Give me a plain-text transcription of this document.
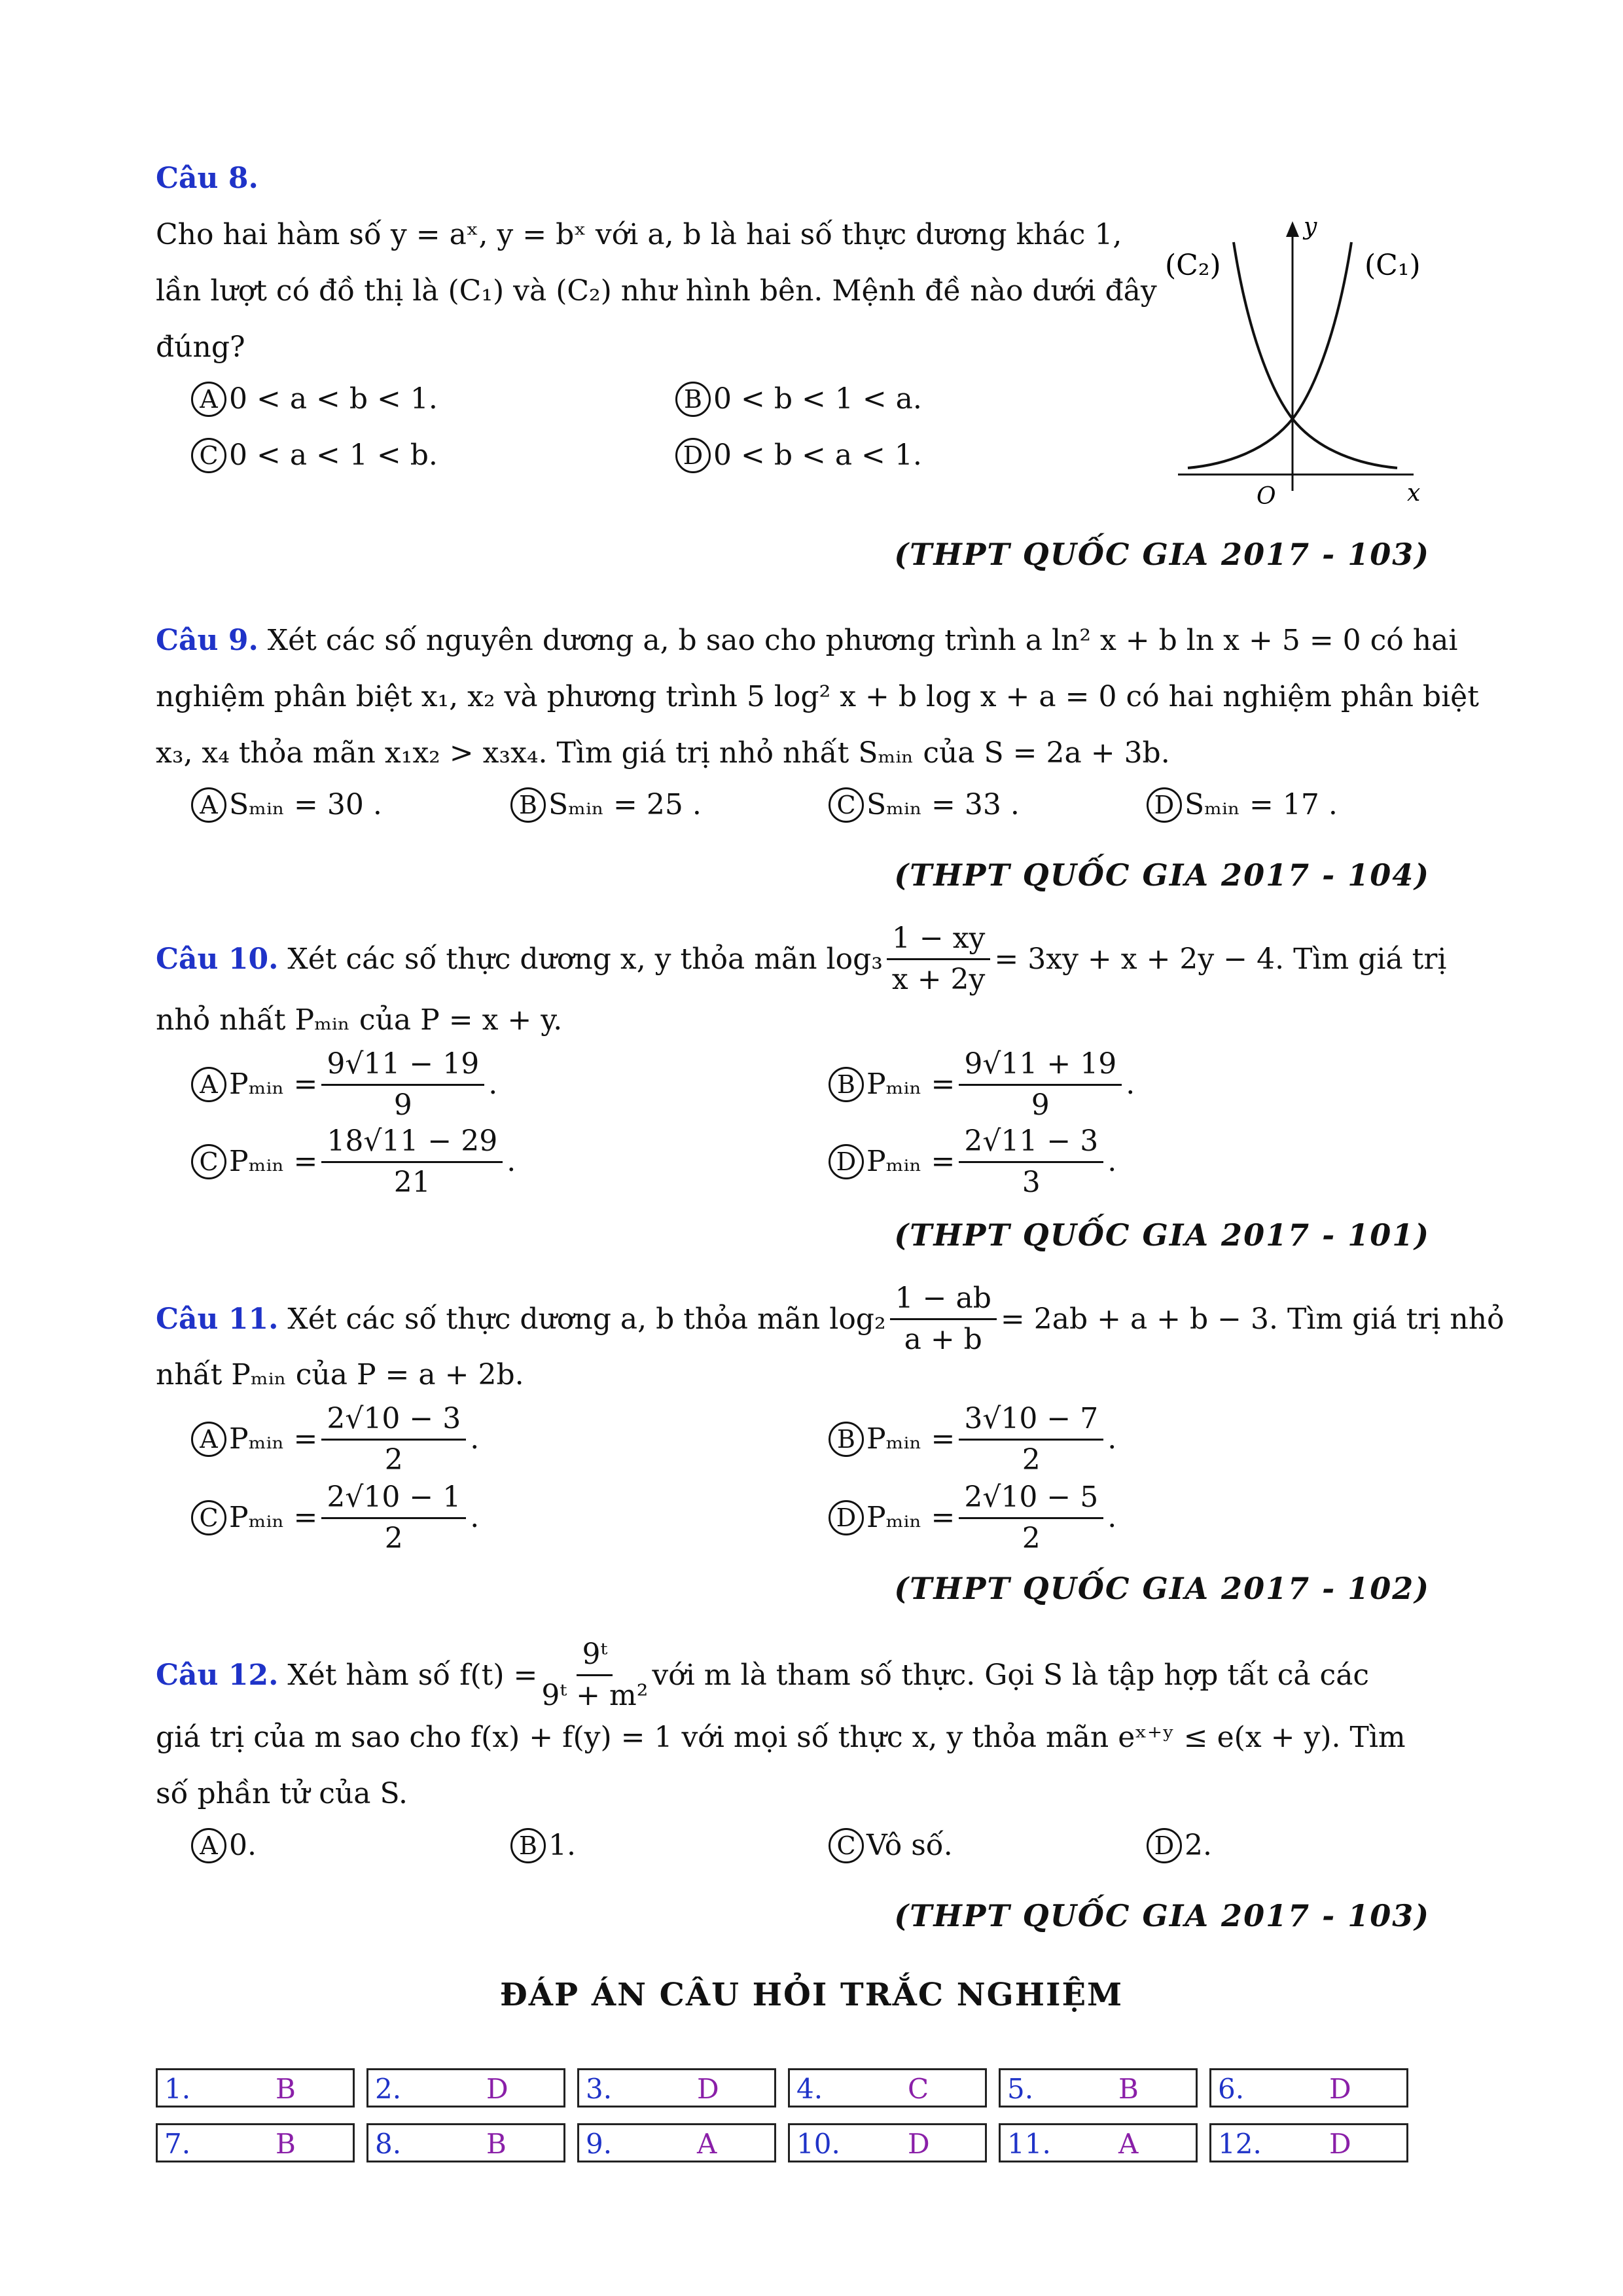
Câu 8.
Cho hai hàm số y = aˣ, y = bˣ với a, b là hai số thực dương khác 1,
lần lượt có đồ thị là (C₁) và (C₂) như hình bên. Mệnh đề nào dưới đây
đúng?
A 0 < a < b < 1.	B 0 < b < 1 < a.
C 0 < a < 1 < b.	D 0 < b < a < 1.
y
x
O
(C₂)	(C₁)
(THPT QUỐC GIA 2017 - 103)
Câu 9. Xét các số nguyên dương a, b sao cho phương trình a ln² x + b ln x + 5 = 0 có hai
nghiệm phân biệt x₁, x₂ và phương trình 5 log² x + b log x + a = 0 có hai nghiệm phân biệt
x₃, x₄ thỏa mãn x₁x₂ > x₃x₄. Tìm giá trị nhỏ nhất Sₘᵢₙ của S = 2a + 3b.
A Sₘᵢₙ = 30 .	B Sₘᵢₙ = 25 .	C Sₘᵢₙ = 33 .	D Sₘᵢₙ = 17 .
(THPT QUỐC GIA 2017 - 104)
Câu 10.
Xét các số thực dương x, y thỏa mãn $\log_3 \frac{1 - xy}{x + 2y} = 3xy + x + 2y - 4$. Tìm giá trị
nhỏ nhất Pₘᵢₙ của P = x + y.
A Pₘᵢₙ = $\frac{9√11 - 19}{9}$ .	B Pₘᵢₙ = $\frac{9√11 + 19}{9}$ .
C Pₘᵢₙ = $\frac{18√11 - 29}{21}$ .	D Pₘᵢₙ = $\frac{2√11 - 3}{3}$ .
(THPT QUỐC GIA 2017 - 101)
Câu 11.
Xét các số thực dương a, b thỏa mãn $\log_2 \frac{1 - ab}{a + b} = 2ab + a + b - 3$. Tìm giá trị nhỏ
nhất Pₘᵢₙ của P = a + 2b.
A Pₘᵢₙ = $\frac{2√10 - 3}{2}$ .	B Pₘᵢₙ = $\frac{3√10 - 7}{2}$ .
C Pₘᵢₙ = $\frac{2√10 - 1}{2}$ .	D Pₘᵢₙ = $\frac{2√10 - 5}{2}$ .
(THPT QUỐC GIA 2017 - 102)
Câu 12.
Xét hàm số $f(t) = \frac{\text{9ᵗ}}{\text{9ᵗ + m²}}$ với m là tham số thực. Gọi S là tập hợp tất cả các
giá trị của m sao cho f(x) + f(y) = 1 với mọi số thực x, y thỏa mãn eˣ⁺ʸ ≤ e(x + y). Tìm
số phần tử của S.
A 0.	B 1.	C Vô số.	D 2.
(THPT QUỐC GIA 2017 - 103)
ĐÁP ÁN CÂU HỎI TRẮC NGHIỆM
1.	B	2.	D	3.	D	4.	C	5.	B	6.	D
7.	B	8.	B	9.	A	10. D	11. A	12. D
